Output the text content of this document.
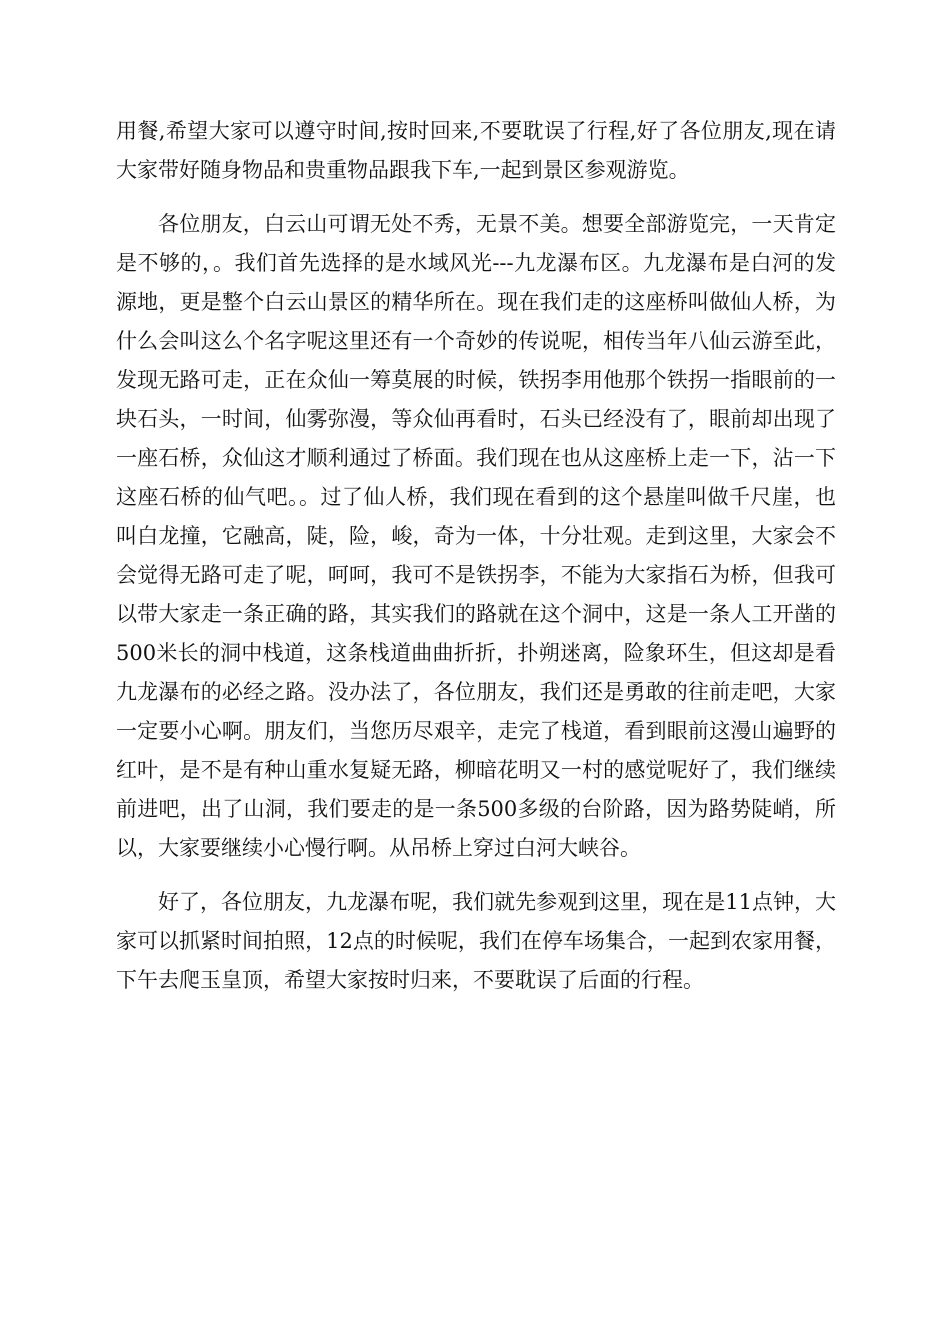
用餐,希望大家可以遵守时间,按时回来,不要耽误了行程,好了各位朋友,现在请大家带好随身物品和贵重物品跟我下车,一起到景区参观游览。

各位朋友，白云山可谓无处不秀，无景不美。想要全部游览完，一天肯定是不够的，。我们首先选择的是水域风光---九龙瀑布区。九龙瀑布是白河的发源地，更是整个白云山景区的精华所在。现在我们走的这座桥叫做仙人桥，为什么会叫这么个名字呢这里还有一个奇妙的传说呢，相传当年八仙云游至此，发现无路可走，正在众仙一筹莫展的时候，铁拐李用他那个铁拐一指眼前的一块石头，一时间，仙雾弥漫，等众仙再看时，石头已经没有了，眼前却出现了一座石桥，众仙这才顺利通过了桥面。我们现在也从这座桥上走一下，沾一下这座石桥的仙气吧。。过了仙人桥，我们现在看到的这个悬崖叫做千尺崖，也叫白龙撞，它融高，陡，险，峻，奇为一体，十分壮观。走到这里，大家会不会觉得无路可走了呢，呵呵，我可不是铁拐李，不能为大家指石为桥，但我可以带大家走一条正确的路，其实我们的路就在这个洞中，这是一条人工开凿的500米长的洞中栈道，这条栈道曲曲折折，扑朔迷离，险象环生，但这却是看九龙瀑布的必经之路。没办法了，各位朋友，我们还是勇敢的往前走吧，大家一定要小心啊。朋友们，当您历尽艰辛，走完了栈道，看到眼前这漫山遍野的红叶，是不是有种山重水复疑无路，柳暗花明又一村的感觉呢好了，我们继续前进吧，出了山洞，我们要走的是一条500多级的台阶路，因为路势陡峭，所以，大家要继续小心慢行啊。从吊桥上穿过白河大峡谷。

好了，各位朋友，九龙瀑布呢，我们就先参观到这里，现在是11点钟，大家可以抓紧时间拍照，12点的时候呢，我们在停车场集合，一起到农家用餐，下午去爬玉皇顶，希望大家按时归来，不要耽误了后面的行程。
